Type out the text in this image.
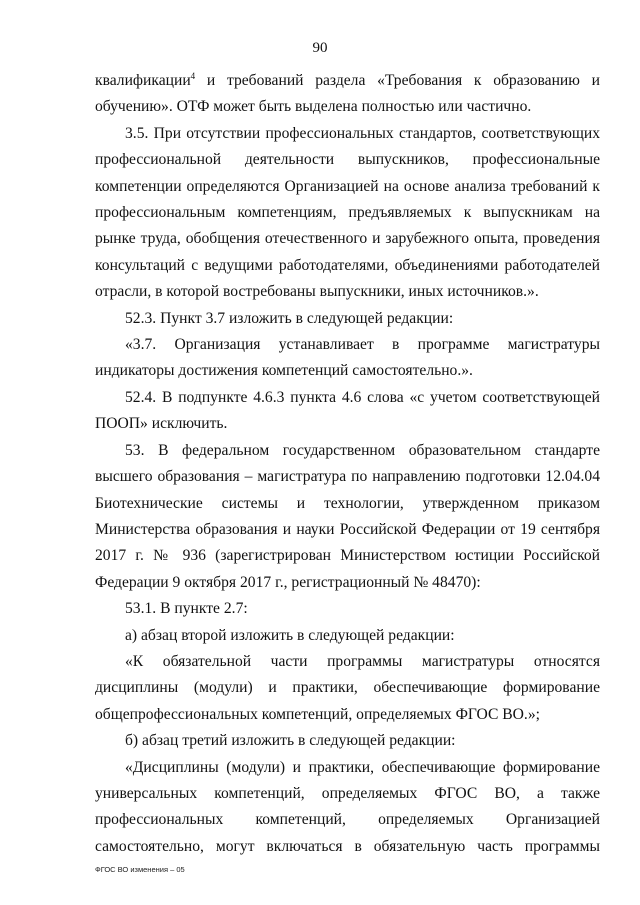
90

квалификации$^4$ и требований раздела «Требования к образованию и обучению». ОТФ может быть выделена полностью или частично.

3.5. При отсутствии профессиональных стандартов, соответствующих профессиональной деятельности выпускников, профессиональные компетенции определяются Организацией на основе анализа требований к профессиональным компетенциям, предъявляемых к выпускникам на рынке труда, обобщения отечественного и зарубежного опыта, проведения консультаций с ведущими работодателями, объединениями работодателей отрасли, в которой востребованы выпускники, иных источников.».

52.3. Пункт 3.7 изложить в следующей редакции:

«3.7. Организация устанавливает в программе магистратуры индикаторы достижения компетенций самостоятельно.».

52.4. В подпункте 4.6.3 пункта 4.6 слова «с учетом соответствующей ПООП» исключить.

53. В федеральном государственном образовательном стандарте высшего образования – магистратура по направлению подготовки 12.04.04 Биотехнические системы и технологии, утвержденном приказом Министерства образования и науки Российской Федерации от 19 сентября 2017 г. № 936 (зарегистрирован Министерством юстиции Российской Федерации 9 октября 2017 г., регистрационный № 48470):

53.1. В пункте 2.7:

а) абзац второй изложить в следующей редакции:

«К обязательной части программы магистратуры относятся дисциплины (модули) и практики, обеспечивающие формирование общепрофессиональных компетенций, определяемых ФГОС ВО.»;

б) абзац третий изложить в следующей редакции:

«Дисциплины (модули) и практики, обеспечивающие формирование универсальных компетенций, определяемых ФГОС ВО, а также профессиональных компетенций, определяемых Организацией самостоятельно, могут включаться в обязательную часть программы

ФГОС ВО изменения – 05
